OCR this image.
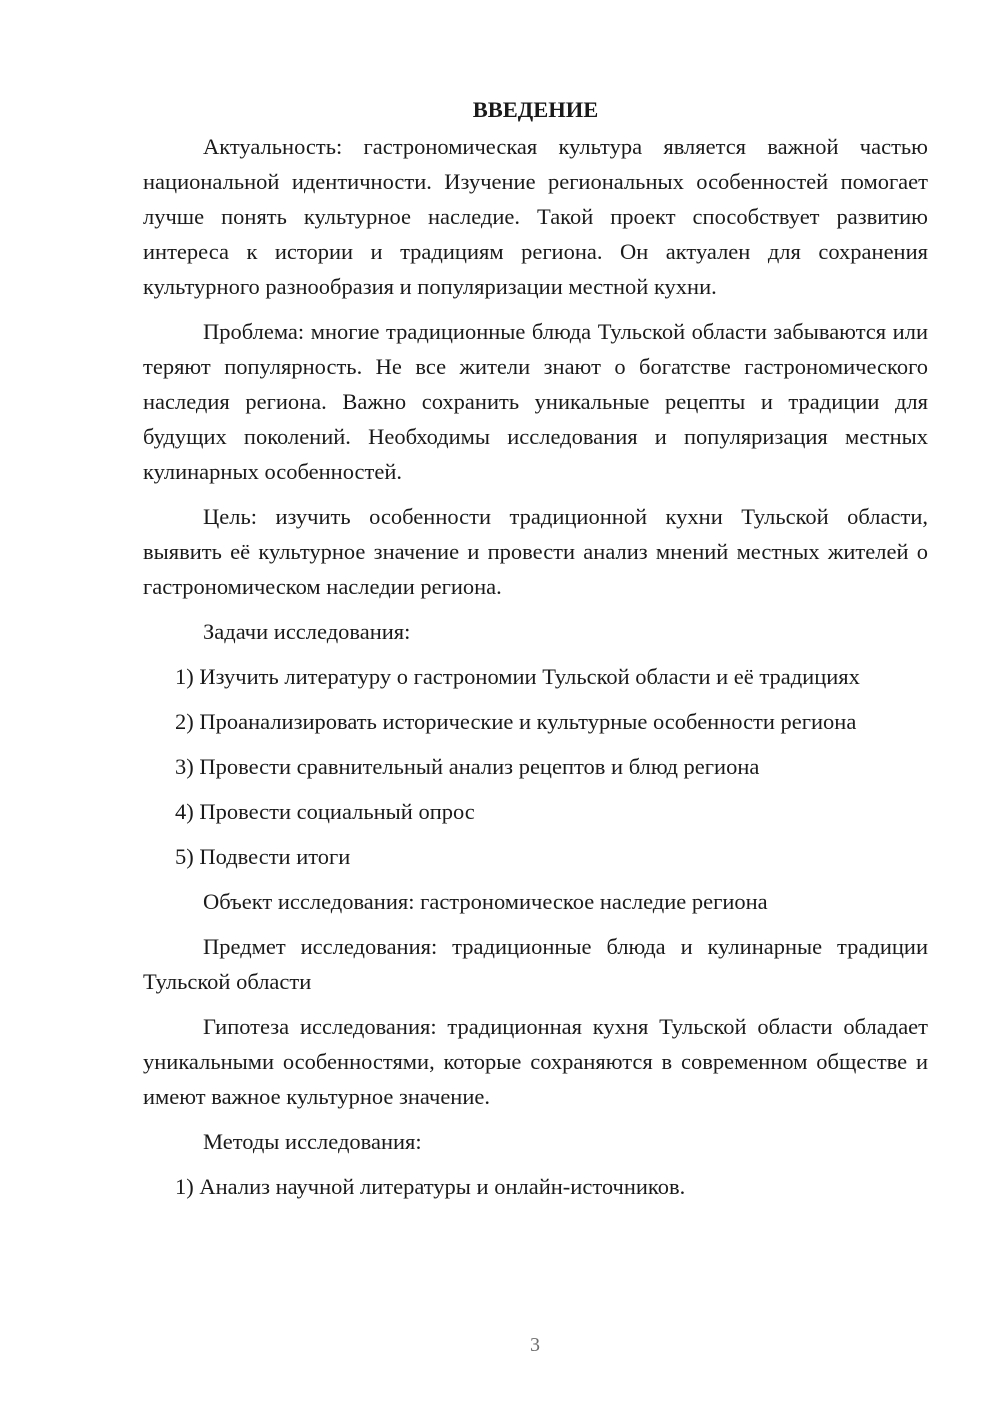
ВВЕДЕНИЕ

Актуальность: гастрономическая культура является важной частью национальной идентичности. Изучение региональных особенностей помогает лучше понять культурное наследие. Такой проект способствует развитию интереса к истории и традициям региона. Он актуален для сохранения культурного разнообразия и популяризации местной кухни.

Проблема: многие традиционные блюда Тульской области забываются или теряют популярность. Не все жители знают о богатстве гастрономического наследия региона. Важно сохранить уникальные рецепты и традиции для будущих поколений. Необходимы исследования и популяризация местных кулинарных особенностей.

Цель: изучить особенности традиционной кухни Тульской области, выявить её культурное значение и провести анализ мнений местных жителей о гастрономическом наследии региона.

Задачи исследования:

1) Изучить литературу о гастрономии Тульской области и её традициях

2) Проанализировать исторические и культурные особенности региона

3) Провести сравнительный анализ рецептов и блюд региона

4) Провести социальный опрос

5) Подвести итоги

Объект исследования: гастрономическое наследие региона

Предмет исследования: традиционные блюда и кулинарные традиции Тульской области

Гипотеза исследования: традиционная кухня Тульской области обладает уникальными особенностями, которые сохраняются в современном обществе и имеют важное культурное значение.

Методы исследования:

1) Анализ научной литературы и онлайн-источников.

3
